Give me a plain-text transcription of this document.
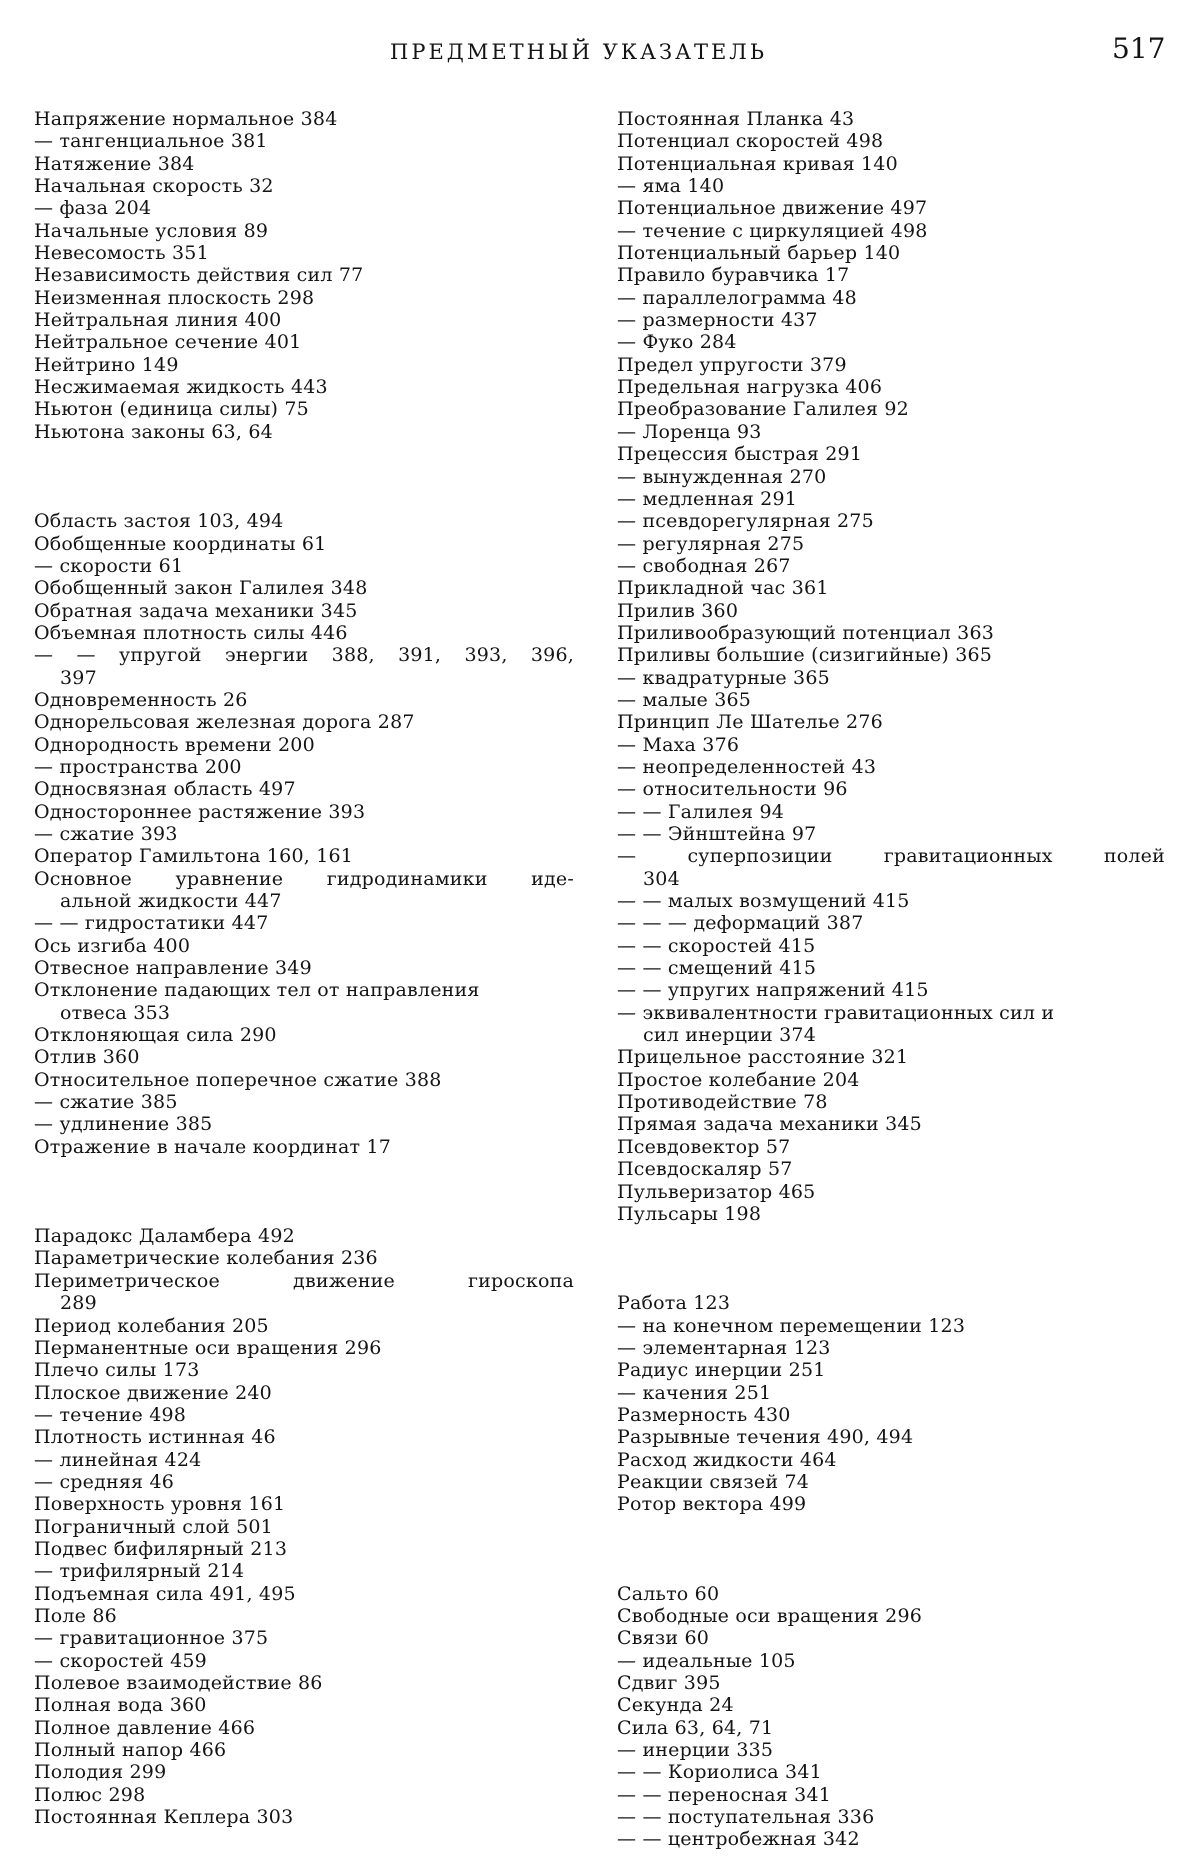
ПРЕДМЕТНЫЙ УКАЗАТЕЛЬ	517
Напряжение нормальное 384
— тангенциальное 381
Натяжение 384
Начальная скорость 32
— фаза 204
Начальные условия 89
Невесомость 351
Независимость действия сил 77
Неизменная плоскость 298
Нейтральная линия 400
Нейтральное сечение 401
Нейтрино 149
Несжимаемая жидкость 443
Ньютон (единица силы) 75
Ньютона законы 63, 64
Область застоя 103, 494
Обобщенные координаты 61
— скорости 61
Обобщенный закон Галилея 348
Обратная задача механики 345
Объемная плотность силы 446
— — упругой энергии 388, 391, 393, 396,
397
Одновременность 26
Однорельсовая железная дорога 287
Однородность времени 200
— пространства 200
Односвязная область 497
Одностороннее растяжение 393
— сжатие 393
Оператор Гамильтона 160, 161
Основное уравнение гидродинамики иде-
альной жидкости 447
— — гидростатики 447
Ось изгиба 400
Отвесное направление 349
Отклонение падающих тел от направления
отвеса 353
Отклоняющая сила 290
Отлив 360
Относительное поперечное сжатие 388
— сжатие 385
— удлинение 385
Отражение в начале координат 17
Парадокс Даламбера 492
Параметрические колебания 236
Периметрическое движение гироскопа
289
Период колебания 205
Перманентные оси вращения 296
Плечо силы 173
Плоское движение 240
— течение 498
Плотность истинная 46
— линейная 424
— средняя 46
Поверхность уровня 161
Пограничный слой 501
Подвес бифилярный 213
— трифилярный 214
Подъемная сила 491, 495
Поле 86
— гравитационное 375
— скоростей 459
Полевое взаимодействие 86
Полная вода 360
Полное давление 466
Полный напор 466
Полодия 299
Полюс 298
Постоянная Кеплера 303
Постоянная Планка 43
Потенциал скоростей 498
Потенциальная кривая 140
— яма 140
Потенциальное движение 497
— течение с циркуляцией 498
Потенциальный барьер 140
Правило буравчика 17
— параллелограмма 48
— размерности 437
— Фуко 284
Предел упругости 379
Предельная нагрузка 406
Преобразование Галилея 92
— Лоренца 93
Прецессия быстрая 291
— вынужденная 270
— медленная 291
— псевдорегулярная 275
— регулярная 275
— свободная 267
Прикладной час 361
Прилив 360
Приливообразующий потенциал 363
Приливы большие (сизигийные) 365
— квадратурные 365
— малые 365
Принцип Ле Шателье 276
— Маха 376
— неопределенностей 43
— относительности 96
— — Галилея 94
— — Эйнштейна 97
— суперпозиции гравитационных полей
304
— — малых возмущений 415
— — — деформаций 387
— — скоростей 415
— — смещений 415
— — упругих напряжений 415
— эквивалентности гравитационных сил и
сил инерции 374
Прицельное расстояние 321
Простое колебание 204
Противодействие 78
Прямая задача механики 345
Псевдовектор 57
Псевдоскаляр 57
Пульверизатор 465
Пульсары 198
Работа 123
— на конечном перемещении 123
— элементарная 123
Радиус инерции 251
— качения 251
Размерность 430
Разрывные течения 490, 494
Расход жидкости 464
Реакции связей 74
Ротор вектора 499
Сальто 60
Свободные оси вращения 296
Связи 60
— идеальные 105
Сдвиг 395
Секунда 24
Сила 63, 64, 71
— инерции 335
— — Кориолиса 341
— — переносная 341
— — поступательная 336
— — центробежная 342
